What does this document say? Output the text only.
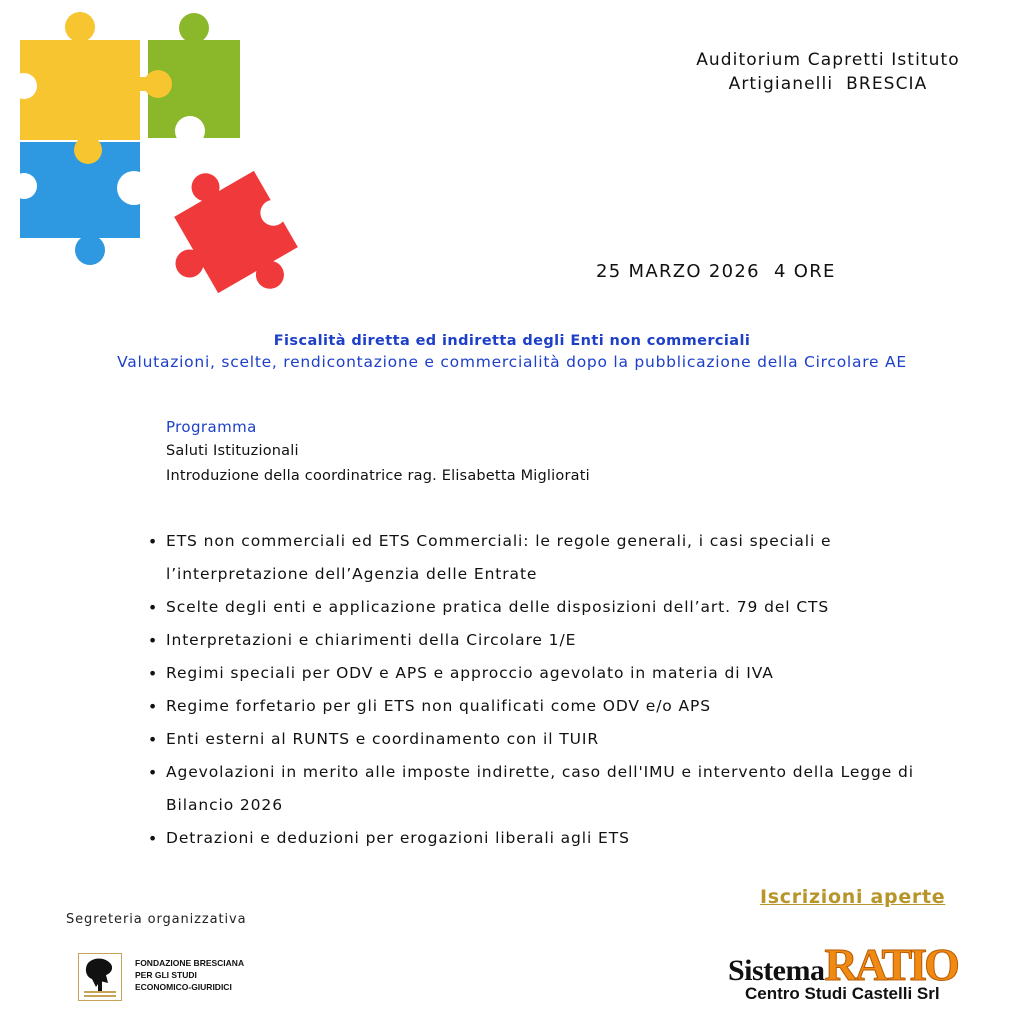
Auditorium Capretti Istituto
Artigianelli  BRESCIA
25 MARZO 2026  4 ORE
Fiscalità diretta ed indiretta degli Enti non commerciali
Valutazioni, scelte, rendicontazione e commercialità dopo la pubblicazione della Circolare AE
Programma
Saluti Istituzionali
Introduzione della coordinatrice rag. Elisabetta Migliorati
• ETS non commerciali ed ETS Commerciali: le regole generali, i casi speciali e l’interpretazione dell’Agenzia delle Entrate
• Scelte degli enti e applicazione pratica delle disposizioni dell’art. 79 del CTS
• Interpretazioni e chiarimenti della Circolare 1/E
• Regimi speciali per ODV e APS e approccio agevolato in materia di IVA
• Regime forfetario per gli ETS non qualificati come ODV e/o APS
• Enti esterni al RUNTS e coordinamento con il TUIR
• Agevolazioni in merito alle imposte indirette, caso dell'IMU e intervento della Legge di Bilancio 2026
• Detrazioni e deduzioni per erogazioni liberali agli ETS
Iscrizioni aperte
Segreteria organizzativa
FONDAZIONE BRESCIANA
PER GLI STUDI
ECONOMICO-GIURIDICI	SistemaRATIO
Centro Studi Castelli Srl
